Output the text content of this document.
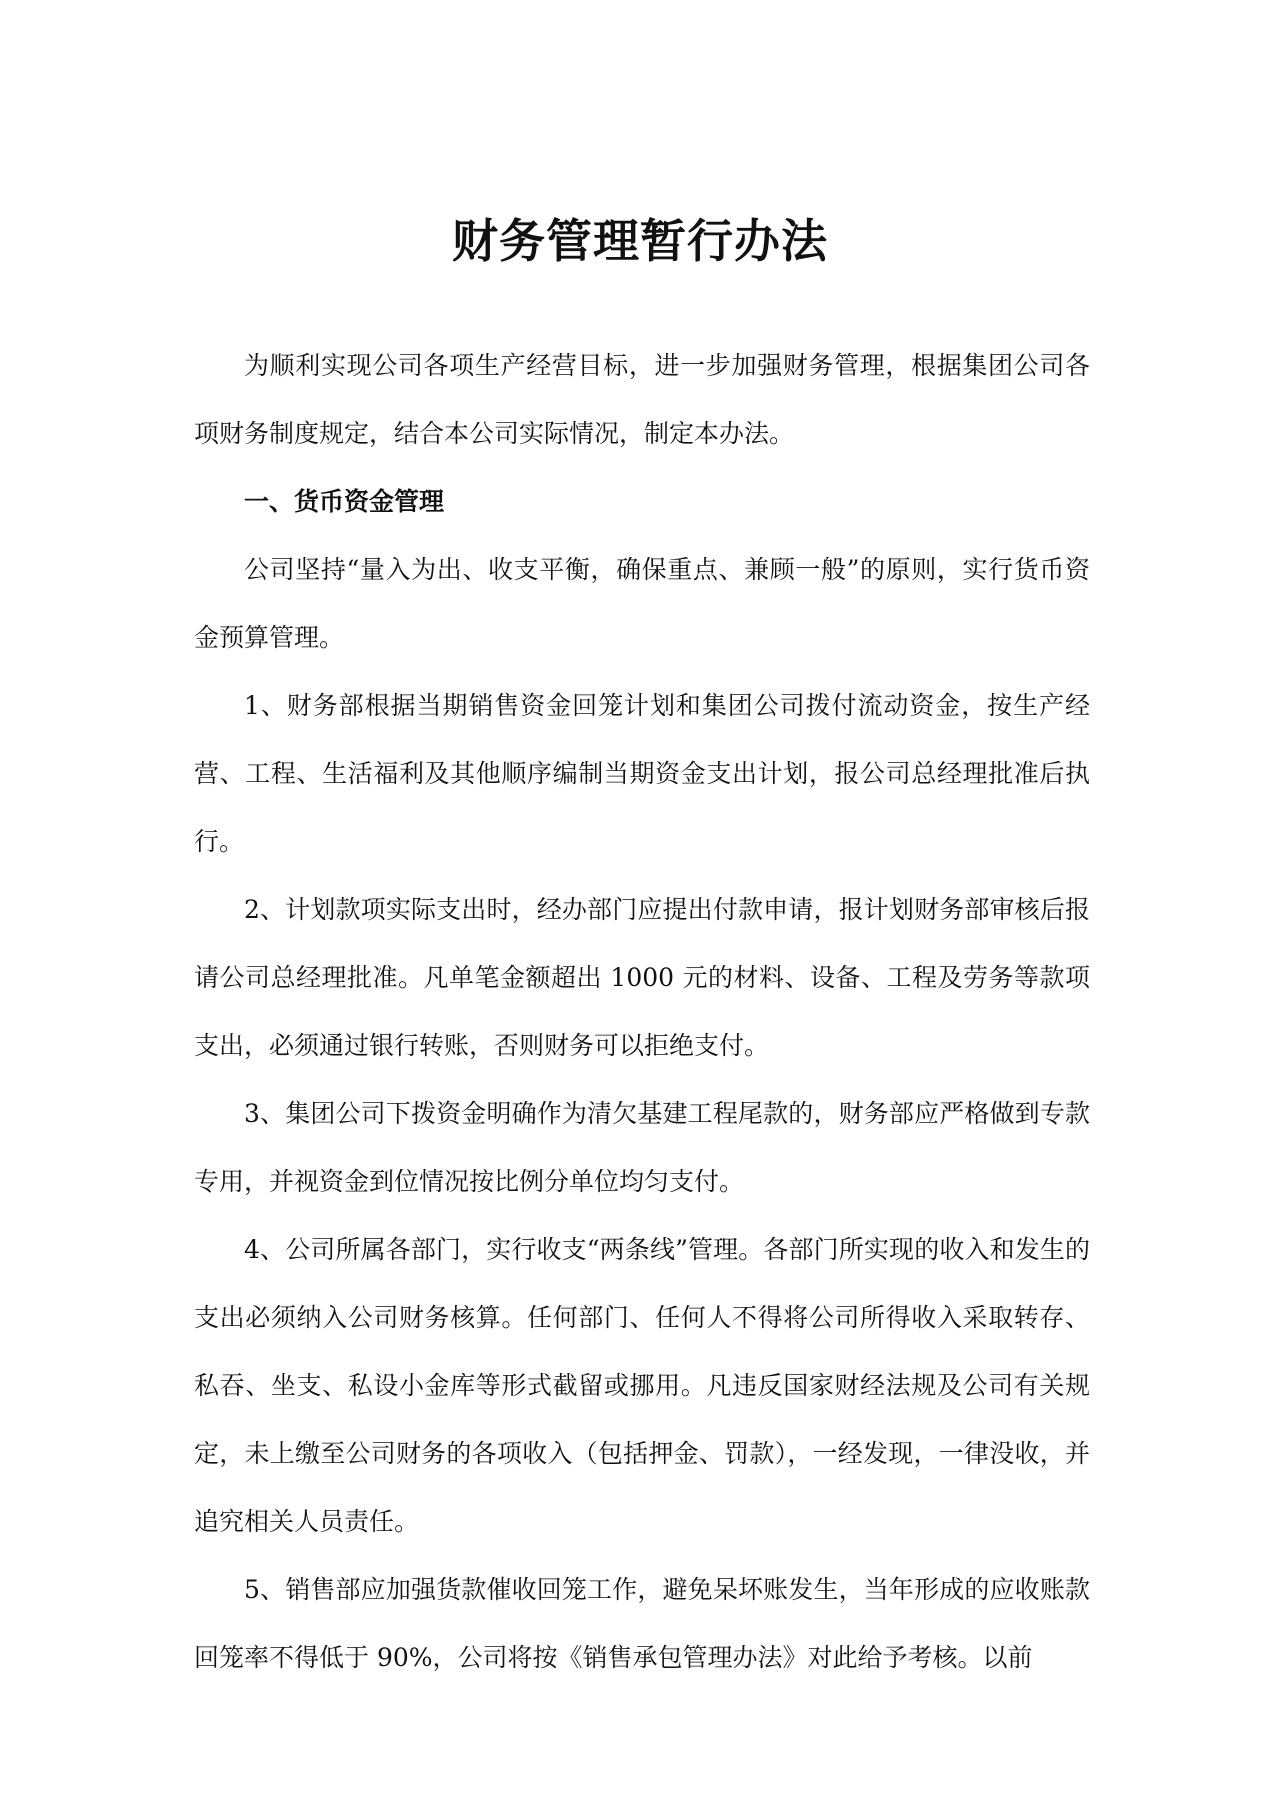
财务管理暂行办法

为顺利实现公司各项生产经营目标，进一步加强财务管理，根据集团公司各项财务制度规定，结合本公司实际情况，制定本办法。

一、货币资金管理

公司坚持“量入为出、收支平衡，确保重点、兼顾一般”的原则，实行货币资金预算管理。

1、财务部根据当期销售资金回笼计划和集团公司拨付流动资金，按生产经营、工程、生活福利及其他顺序编制当期资金支出计划，报公司总经理批准后执行。

2、计划款项实际支出时，经办部门应提出付款申请，报计划财务部审核后报请公司总经理批准。凡单笔金额超出 1000 元的材料、设备、工程及劳务等款项支出，必须通过银行转账，否则财务可以拒绝支付。

3、集团公司下拨资金明确作为清欠基建工程尾款的，财务部应严格做到专款专用，并视资金到位情况按比例分单位均匀支付。

4、公司所属各部门，实行收支“两条线”管理。各部门所实现的收入和发生的支出必须纳入公司财务核算。任何部门、任何人不得将公司所得收入采取转存、私吞、坐支、私设小金库等形式截留或挪用。凡违反国家财经法规及公司有关规定，未上缴至公司财务的各项收入（包括押金、罚款），一经发现，一律没收，并追究相关人员责任。

5、销售部应加强货款催收回笼工作，避免呆坏账发生，当年形成的应收账款回笼率不得低于 90%，公司将按《销售承包管理办法》对此给予考核。以前
